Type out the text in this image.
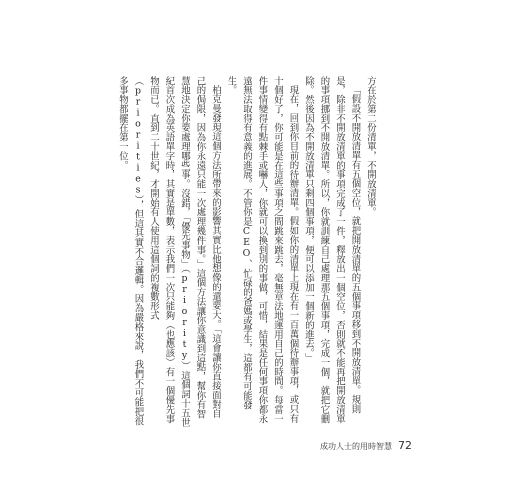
方在於第二份清單，不開放清單。

「假設不開放清單有五個空位，就把開放清單的五個事項移到不開放清單。規則是，除非不開放清單的事項完成了一件，釋放出一個空位，否則就不能再把開放清單的事項挪到不開放清單。所以，你就訓練自己處理那五個事項，完成一個，就把它刪除。然後因為不開放清單只剩四個事項，便可以添加一個新的進去。」

現在，回到你目前的待辦清單。假如你的清單上現在有一百萬個待辦事項，或只有十個好了，你可能是在這些事項之間跳來跳去，毫無章法地運用自己的時間。每當一件事情變得有點棘手或嚇人，你就可以換到別的事做，可惜，結果是任何事項你都永遠無法取得有意義的進展。不管你是CEO、忙碌的爸媽或學生，這都有可能發生。

柏克曼發現這個方法所帶來的影響其實比他想像的還要大。「這會讓你直接面對自己的侷限，因為你永遠只能一次處理幾件事。」這個方法讓你意識到這點，幫你有智慧地決定你要處理哪些事。沒錯，「優先事物」（priority）這個詞十五世紀首次成為英語單字時，其實是單數，表示我們一次只能夠（也應該）有一個優先事物而已。直到二十世紀，才開始有人使用這個詞的複數形式（priorities），但這其實不合邏輯。因為嚴格來說，我們不可能把很多事物都擺在第一位。

成功人士的用時智慧 72
